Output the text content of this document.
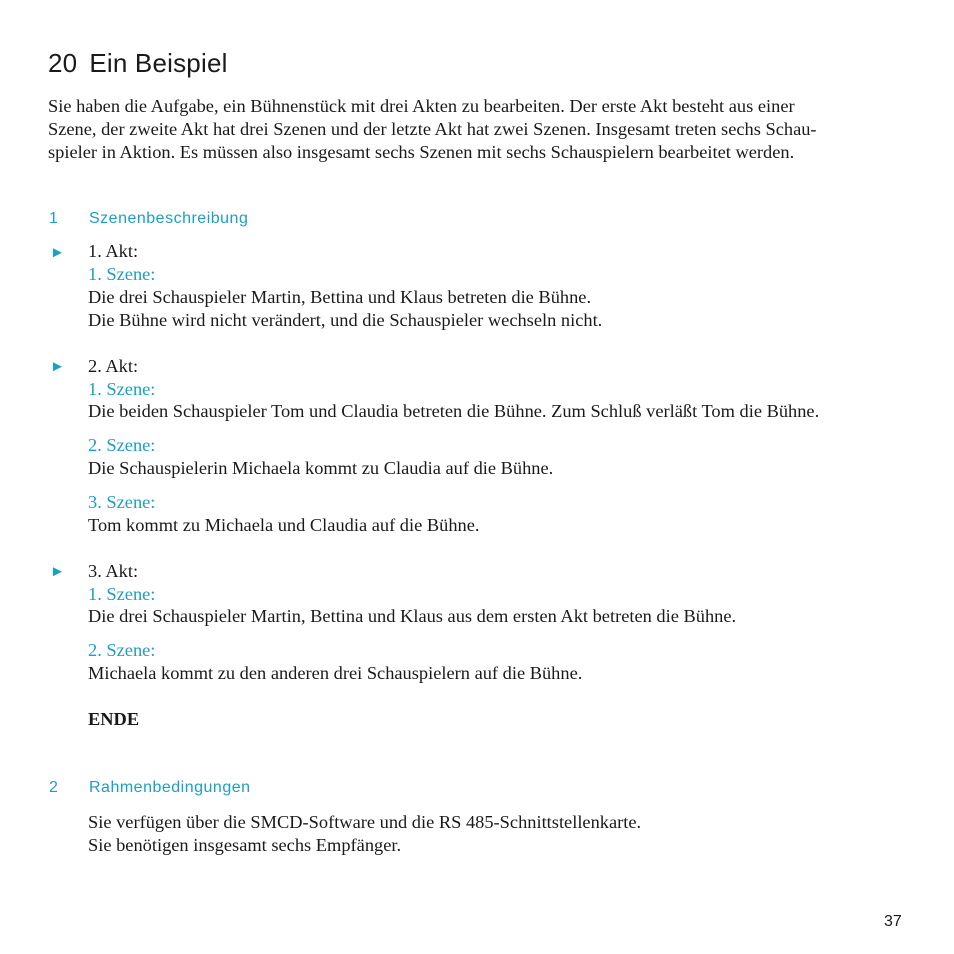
20 Ein Beispiel
Sie haben die Aufgabe, ein Bühnenstück mit drei Akten zu bearbeiten. Der erste Akt besteht aus einer
Szene, der zweite Akt hat drei Szenen und der letzte Akt hat zwei Szenen. Insgesamt treten sechs Schau-
spieler in Aktion. Es müssen also insgesamt sechs Szenen mit sechs Schauspielern bearbeitet werden.
1 Szenenbeschreibung
► 1. Akt:
1. Szene:
Die drei Schauspieler Martin, Bettina und Klaus betreten die Bühne.
Die Bühne wird nicht verändert, und die Schauspieler wechseln nicht.
► 2. Akt:
1. Szene:
Die beiden Schauspieler Tom und Claudia betreten die Bühne. Zum Schluß verläßt Tom die Bühne.
2. Szene:
Die Schauspielerin Michaela kommt zu Claudia auf die Bühne.
3. Szene:
Tom kommt zu Michaela und Claudia auf die Bühne.
► 3. Akt:
1. Szene:
Die drei Schauspieler Martin, Bettina und Klaus aus dem ersten Akt betreten die Bühne.
2. Szene:
Michaela kommt zu den anderen drei Schauspielern auf die Bühne.
ENDE
2 Rahmenbedingungen
Sie verfügen über die SMCD-Software und die RS 485-Schnittstellenkarte.
Sie benötigen insgesamt sechs Empfänger.
37
